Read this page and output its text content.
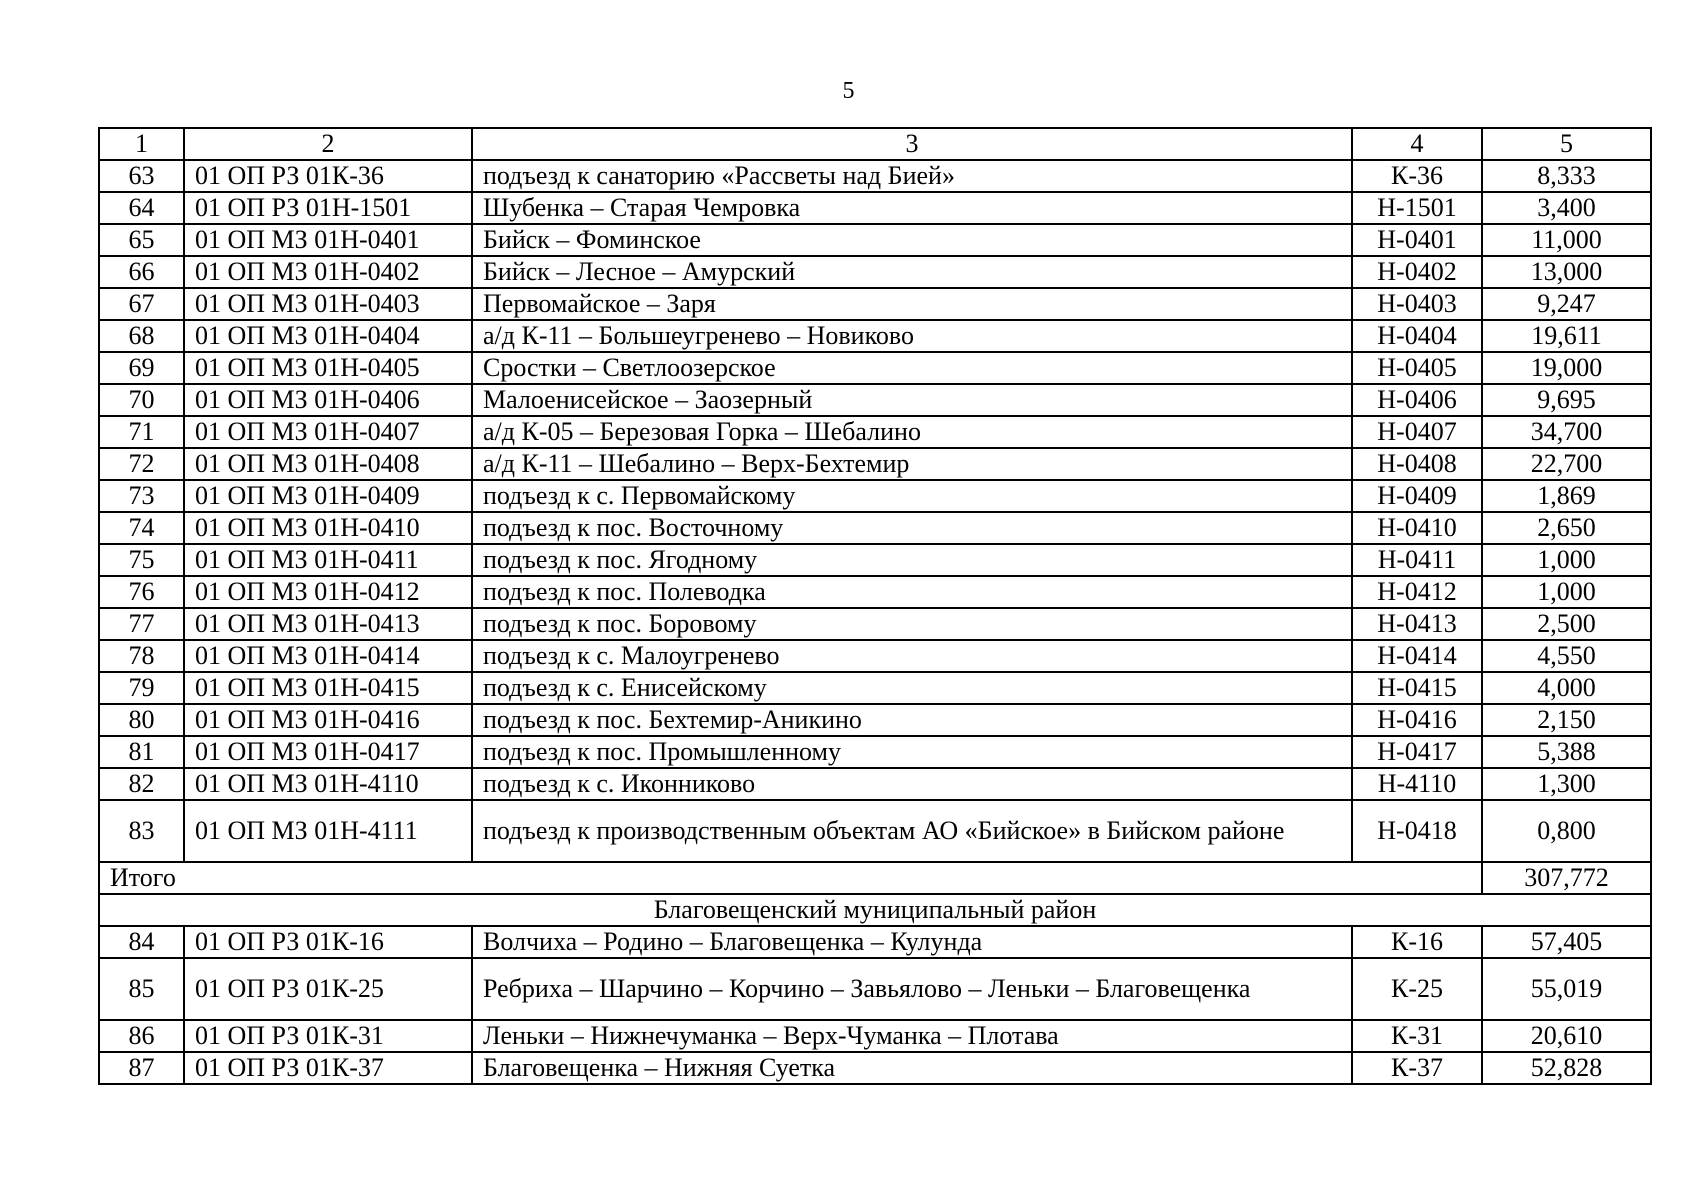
5
1	2	3	4	5
63	01 ОП РЗ 01К-36	подъезд к санаторию «Рассветы над Бией»	К-36	8,333
64	01 ОП РЗ 01Н-1501	Шубенка – Старая Чемровка	Н-1501	3,400
65	01 ОП МЗ 01Н-0401	Бийск – Фоминское	Н-0401	11,000
66	01 ОП МЗ 01Н-0402	Бийск – Лесное – Амурский	Н-0402	13,000
67	01 ОП МЗ 01Н-0403	Первомайское – Заря	Н-0403	9,247
68	01 ОП МЗ 01Н-0404	а/д К-11 – Большеугренево – Новиково	Н-0404	19,611
69	01 ОП МЗ 01Н-0405	Сростки – Светлоозерское	Н-0405	19,000
70	01 ОП МЗ 01Н-0406	Малоенисейское – Заозерный	Н-0406	9,695
71	01 ОП МЗ 01Н-0407	а/д К-05 – Березовая Горка – Шебалино	Н-0407	34,700
72	01 ОП МЗ 01Н-0408	а/д К-11 – Шебалино – Верх-Бехтемир	Н-0408	22,700
73	01 ОП МЗ 01Н-0409	подъезд к с. Первомайскому	Н-0409	1,869
74	01 ОП МЗ 01Н-0410	подъезд к пос. Восточному	Н-0410	2,650
75	01 ОП МЗ 01Н-0411	подъезд к пос. Ягодному	Н-0411	1,000
76	01 ОП МЗ 01Н-0412	подъезд к пос. Полеводка	Н-0412	1,000
77	01 ОП МЗ 01Н-0413	подъезд к пос. Боровому	Н-0413	2,500
78	01 ОП МЗ 01Н-0414	подъезд к с. Малоугренево	Н-0414	4,550
79	01 ОП МЗ 01Н-0415	подъезд к с. Енисейскому	Н-0415	4,000
80	01 ОП МЗ 01Н-0416	подъезд к пос. Бехтемир-Аникино	Н-0416	2,150
81	01 ОП МЗ 01Н-0417	подъезд к пос. Промышленному	Н-0417	5,388
82	01 ОП МЗ 01Н-4110	подъезд к с. Иконниково	Н-4110	1,300
83	01 ОП МЗ 01Н-4111	подъезд к производственным объектам АО «Бийское» в Бийском районе	Н-0418	0,800
Итого				307,772
Благовещенский муниципальный район				
84	01 ОП РЗ 01К-16	Волчиха – Родино – Благовещенка – Кулунда	К-16	57,405
85	01 ОП РЗ 01К-25	Ребриха – Шарчино – Корчино – Завьялово – Леньки – Благовещенка	К-25	55,019
86	01 ОП РЗ 01К-31	Леньки – Нижнечуманка – Верх-Чуманка – Плотава	К-31	20,610
87	01 ОП РЗ 01К-37	Благовещенка – Нижняя Суетка	К-37	52,828
